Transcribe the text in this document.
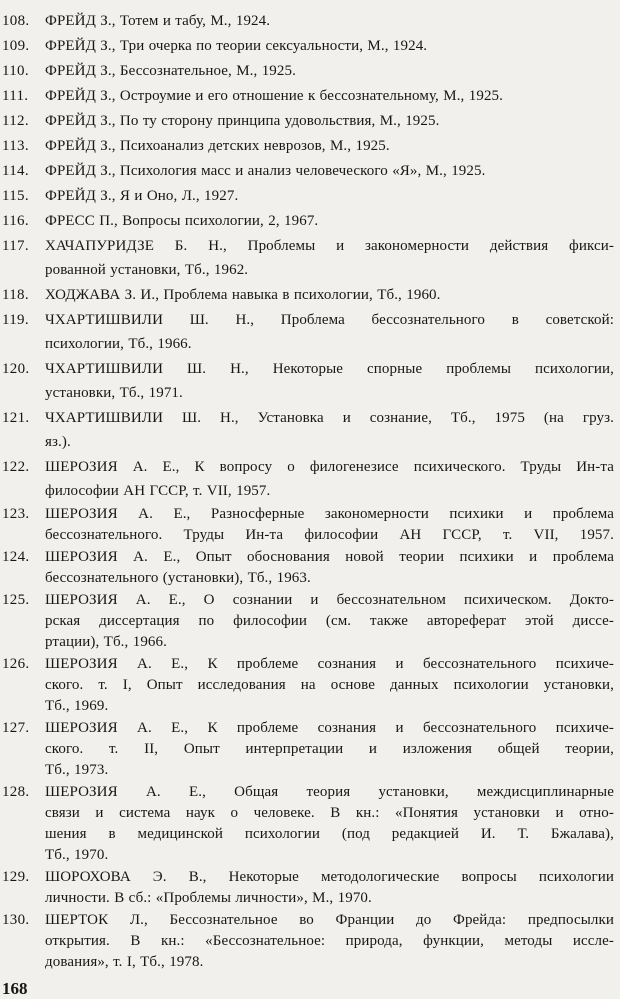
108. ФРЕЙД З., Тотем и табу, М., 1924.
109. ФРЕЙД З., Три очерка по теории сексуальности, М., 1924.
110. ФРЕЙД З., Бессознательное, М., 1925.
111. ФРЕЙД З., Остроумие и его отношение к бессознательному, М., 1925.
112. ФРЕЙД З., По ту сторону принципа удовольствия, М., 1925.
113. ФРЕЙД З., Психоанализ детских неврозов, М., 1925.
114. ФРЕЙД З., Психология масс и анализ человеческого «Я», М., 1925.
115. ФРЕЙД З., Я и Оно, Л., 1927.
116. ФРЕСС П., Вопросы психологии, 2, 1967.
117. ХАЧАПУРИДЗЕ Б. Н., Проблемы и закономерности действия фикси-
рованной установки, Тб., 1962.
118. ХОДЖАВА З. И., Проблема навыка в психологии, Тб., 1960.
119. ЧХАРТИШВИЛИ Ш. Н., Проблема бессознательного в советской:
психологии, Тб., 1966.
120. ЧХАРТИШВИЛИ Ш. Н., Некоторые спорные проблемы психологии,
установки, Тб., 1971.
121. ЧХАРТИШВИЛИ Ш. Н., Установка и сознание, Тб., 1975 (на груз.
яз.).
122. ШЕРОЗИЯ А. Е., К вопросу о филогенезисе психического. Труды Ин-та
философии АН ГССР, т. VII, 1957.
123. ШЕРОЗИЯ А. Е., Разносферные закономерности психики и проблема
бессознательного. Труды Ин-та философии АН ГССР, т. VII, 1957.
124. ШЕРОЗИЯ А. Е., Опыт обоснования новой теории психики и проблема
бессознательного (установки), Тб., 1963.
125. ШЕРОЗИЯ А. Е., О сознании и бессознательном психическом. Докто-
рская диссертация по философии (см. также автореферат этой диссе-
ртации), Тб., 1966.
126. ШЕРОЗИЯ А. Е., К проблеме сознания и бессознательного психиче-
ского. т. I, Опыт исследования на основе данных психологии установки,
Тб., 1969.
127. ШЕРОЗИЯ А. Е., К проблеме сознания и бессознательного психиче-
ского. т. II, Опыт интерпретации и изложения общей теории,
Тб., 1973.
128. ШЕРОЗИЯ А. Е., Общая теория установки, междисциплинарные
связи и система наук о человеке. В кн.: «Понятия установки и отно-
шения в медицинской психологии (под редакцией И. Т. Бжалава),
Тб., 1970.
129. ШОРОХОВА Э. В., Некоторые методологические вопросы психологии
личности. В сб.: «Проблемы личности», М., 1970.
130. ШЕРТОК Л., Бессознательное во Франции до Фрейда: предпосылки
открытия. В кн.: «Бессознательное: природа, функции, методы иссле-
дования», т. I, Тб., 1978.
168
